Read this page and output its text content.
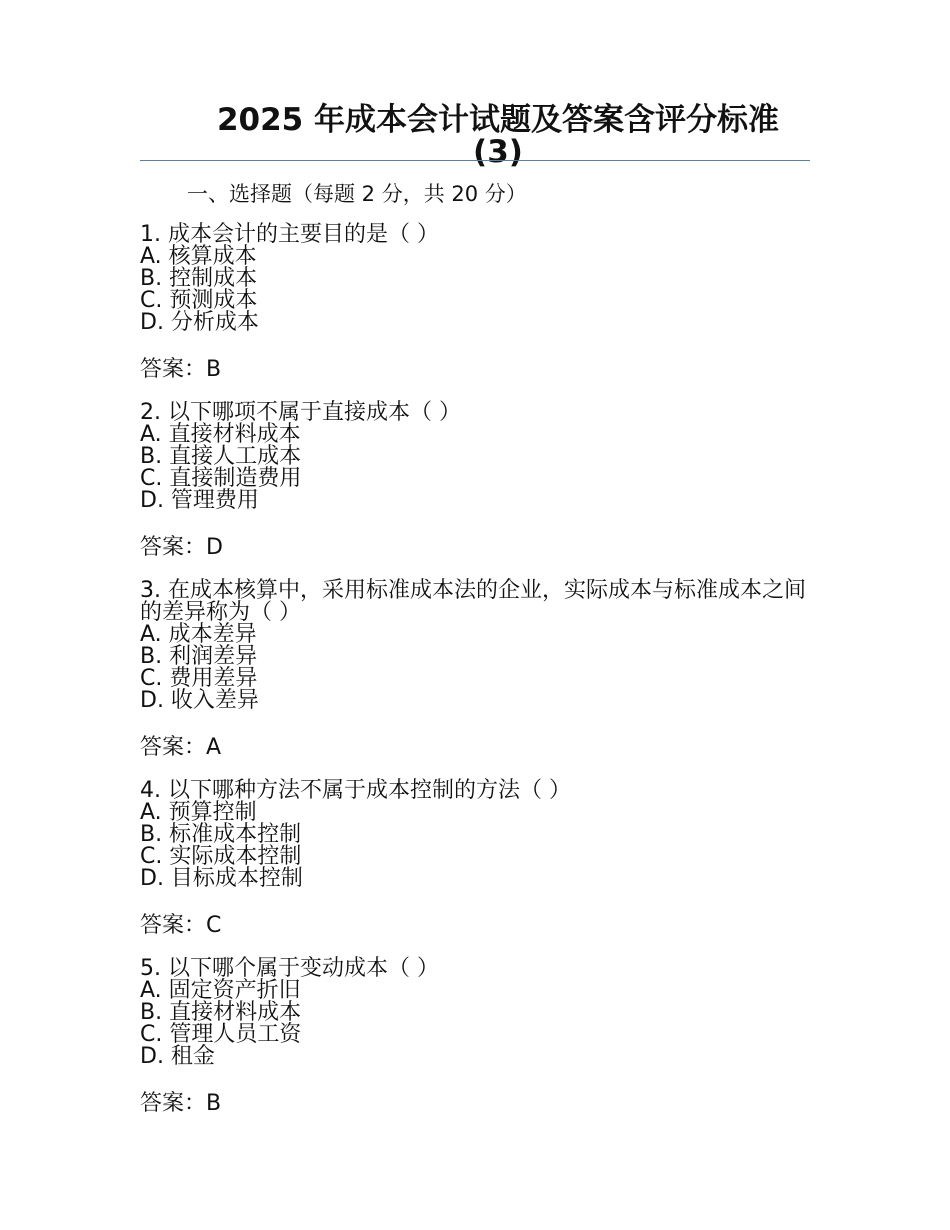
2025 年成本会计试题及答案含评分标准
(3)

一、选择题（每题 2 分，共 20 分）

1. 成本会计的主要目的是（ ）

A. 核算成本

B. 控制成本

C. 预测成本

D. 分析成本

答案：B

2. 以下哪项不属于直接成本（ ）

A. 直接材料成本

B. 直接人工成本

C. 直接制造费用

D. 管理费用

答案：D

3. 在成本核算中，采用标准成本法的企业，实际成本与标准成本之间的差异称为（ ）

A. 成本差异

B. 利润差异

C. 费用差异

D. 收入差异

答案：A

4. 以下哪种方法不属于成本控制的方法（ ）

A. 预算控制

B. 标准成本控制

C. 实际成本控制

D. 目标成本控制

答案：C

5. 以下哪个属于变动成本（ ）

A. 固定资产折旧

B. 直接材料成本

C. 管理人员工资

D. 租金

答案：B
